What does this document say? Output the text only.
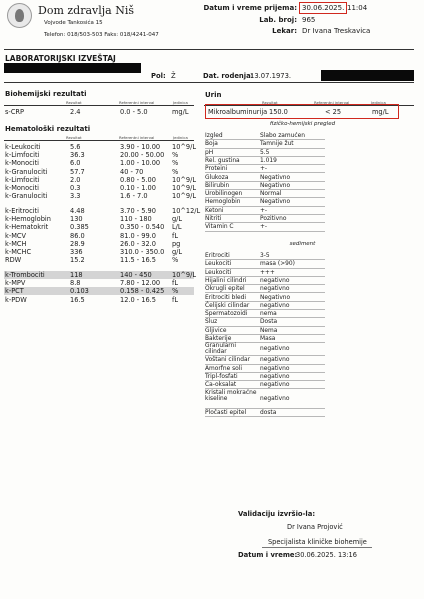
Dom zdravlja Niš
Vojvode Tankosića 15
Telefon: 018/503-503 Faks: 018/4241-047
Datum i vreme prijema: 30.06.2025. 11:04
Lab. broj: 965
Lekar: Dr Ivana Treskavica
LABORATORIJSKI IZVEŠTAJ
Pol: Ž	Dat. rodenja:
13.07.1973.
Biohemijski rezultati
Rezultat	Referentni interval	Jedinica
s-CRP	2.4	0.0 - 5.0	mg/L
Hematološki rezultati
Rezultat	Referentni interval	Jedinica
k-Leukociti	5.6	3.90 - 10.00 10^9/L
k-Limfociti	36.3	20.00 - 50.00 %
k-Monociti	6.0	1.00 - 10.00 %
k-Granulociti	57.7	40 - 70	%
k-Limfociti	2.0	0.80 - 5.00 10^9/L
k-Monociti	0.3	0.10 - 1.00 10^9/L
k-Granulociti	3.3	1.6 - 7.0	10^9/L
k-Eritrociti	4.48	3.70 - 5.90 10^12/L
k-Hemoglobin	130	110 - 180	g/L
k-Hematokrit	0.385	0.350 - 0.540 L/L
k-MCV	86.0	81.0 - 99.0 fL
k-MCH	28.9	26.0 - 32.0 pg
k-MCHC	336	310.0 - 350.0 g/L
RDW	15.2	11.5 - 16.5 %
k-Trombociti	118	140 - 450	10^9/L
k-MPV	8.8	7.80 - 12.00 fL
k-PCT	0.103	0.158 - 0.425 %
k-PDW	16.5	12.0 - 16.5 fL
Urin
Rezultat	Referentni interval	Jedinica
Mikroalbuminurija 150.0	< 25	mg/L
fizičko-hemijski pregled
Izgled	Slabo zamućen
Boja	Tamnije žut
pH	5.5
Rel. gustina	1.019
Proteini	+-
Glukoza	Negativno
Bilirubin	Negativno
Urobilinogen	Normal
Hemoglobin	Negativno
Ketoni	+-
Nitriti	Pozitivno
Vitamin C	+-
sediment
Eritrociti	3-5
Leukociti	masa (>90)
Leukociti	+++
Hijalini cilindri	negativno
Okrugli epitel	negativno
Eritrociti bledi	Negativno
Ćelijski cilindar	negativno
Spermatozoidi	nema
Sluz	Dosta
Gljivice	Nema
Bakterije	Masa
Granularni cilindar	negativno
Voštani cilindar	negativno
Amorfne soli	negativno
Tripl-fosfati	negativno
Ca-oksalat	negativno
Kristali mokraćne kiseline	negativno
Pločasti epitel	dosta
Validaciju izvršio-la:
Dr Ivana Projović
Specijalista kliničke biohemije
Datum i vreme:
30.06.2025. 13:16
